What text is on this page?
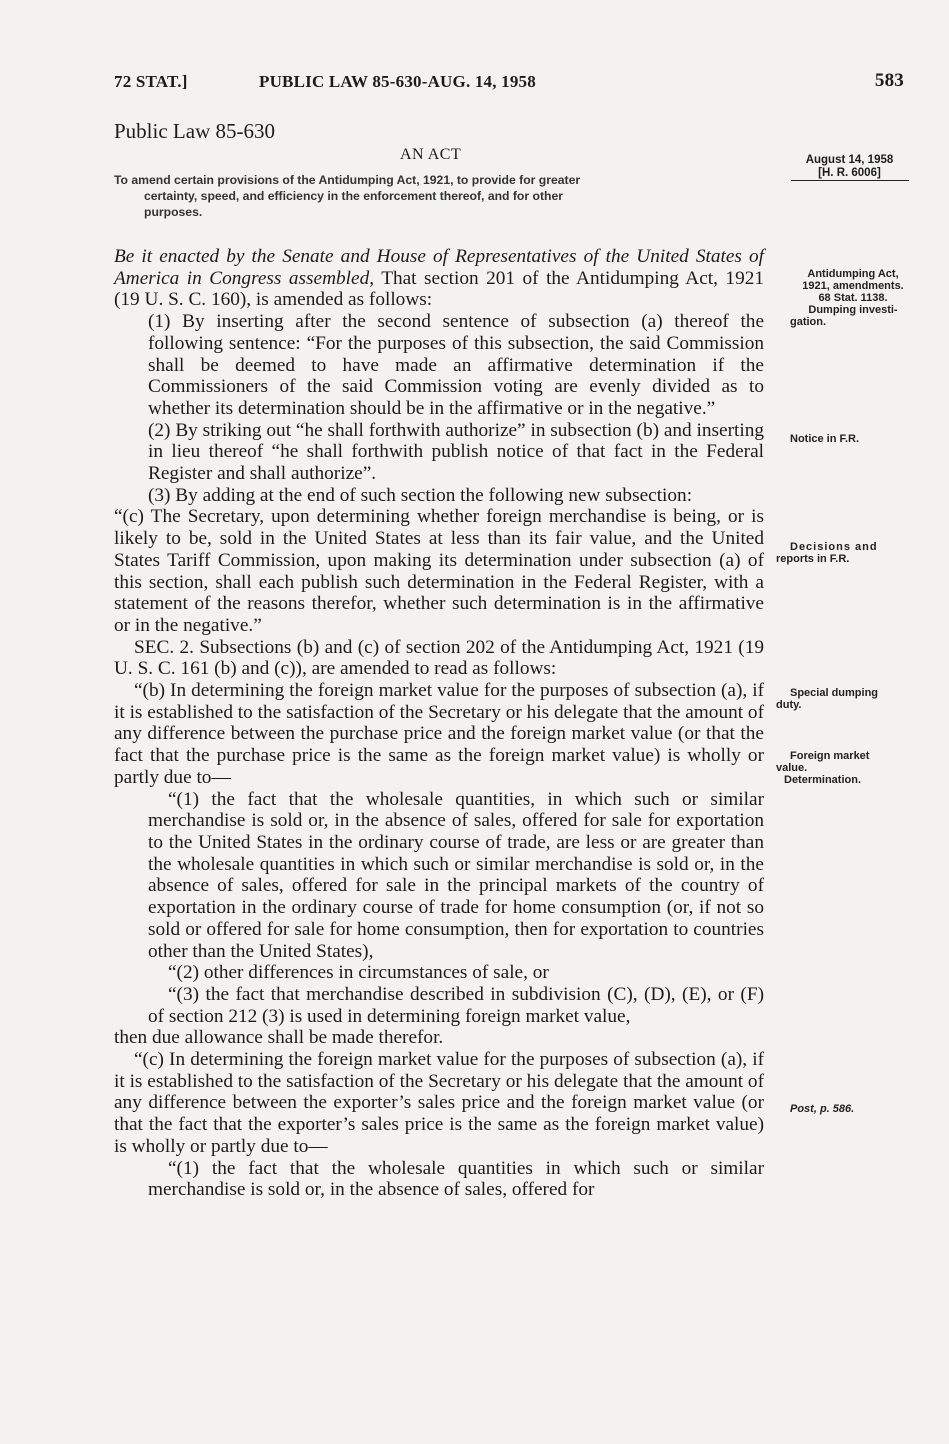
72 STAT.]	PUBLIC LAW 85-630-AUG. 14, 1958	583

Public Law 85-630

AN ACT	August 14, 1958
[H. R. 6006]
To amend certain provisions of the Antidumping Act, 1921, to provide for greater
certainty, speed, and efficiency in the enforcement thereof, and for other
purposes.

Be it enacted by the Senate and House of Representatives of the United States of America in Congress assembled, That section 201 of the Antidumping Act, 1921 (19 U. S. C. 160), is amended as follows:

(1) By inserting after the second sentence of subsection (a) thereof the following sentence: “For the purposes of this subsection, the said Commission shall be deemed to have made an affirmative determination if the Commissioners of the said Commission voting are evenly divided as to whether its determination should be in the affirmative or in the negative.”

(2) By striking out “he shall forthwith authorize” in subsection (b) and inserting in lieu thereof “he shall forthwith publish notice of that fact in the Federal Register and shall authorize”.

(3) By adding at the end of such section the following new subsection:

“(c) The Secretary, upon determining whether foreign merchandise is being, or is likely to be, sold in the United States at less than its fair value, and the United States Tariff Commission, upon making its determination under subsection (a) of this section, shall each publish such determination in the Federal Register, with a statement of the reasons therefor, whether such determination is in the affirmative or in the negative.”

SEC. 2. Subsections (b) and (c) of section 202 of the Antidumping Act, 1921 (19 U. S. C. 161 (b) and (c)), are amended to read as follows:

“(b) In determining the foreign market value for the purposes of subsection (a), if it is established to the satisfaction of the Secretary or his delegate that the amount of any difference between the purchase price and the foreign market value (or that the fact that the purchase price is the same as the foreign market value) is wholly or partly due to—

“(1) the fact that the wholesale quantities, in which such or similar merchandise is sold or, in the absence of sales, offered for sale for exportation to the United States in the ordinary course of trade, are less or are greater than the wholesale quantities in which such or similar merchandise is sold or, in the absence of sales, offered for sale in the principal markets of the country of exportation in the ordinary course of trade for home consumption (or, if not so sold or offered for sale for home consumption, then for exportation to countries other than the United States),

“(2) other differences in circumstances of sale, or

“(3) the fact that merchandise described in subdivision (C), (D), (E), or (F) of section 212 (3) is used in determining foreign market value,

then due allowance shall be made therefor.

“(c) In determining the foreign market value for the purposes of subsection (a), if it is established to the satisfaction of the Secretary or his delegate that the amount of any difference between the exporter’s sales price and the foreign market value (or that the fact that the exporter’s sales price is the same as the foreign market value) is wholly or partly due to—

“(1) the fact that the wholesale quantities in which such or similar merchandise is sold or, in the absence of sales, offered for

Antidumping Act,
1921, amendments.
68 Stat. 1138.
Dumping investi-
gation.
Notice in F.R.
Decisions and
reports in F.R.
Special dumping
duty.
Foreign market
value.
Determination.
Post, p. 586.
